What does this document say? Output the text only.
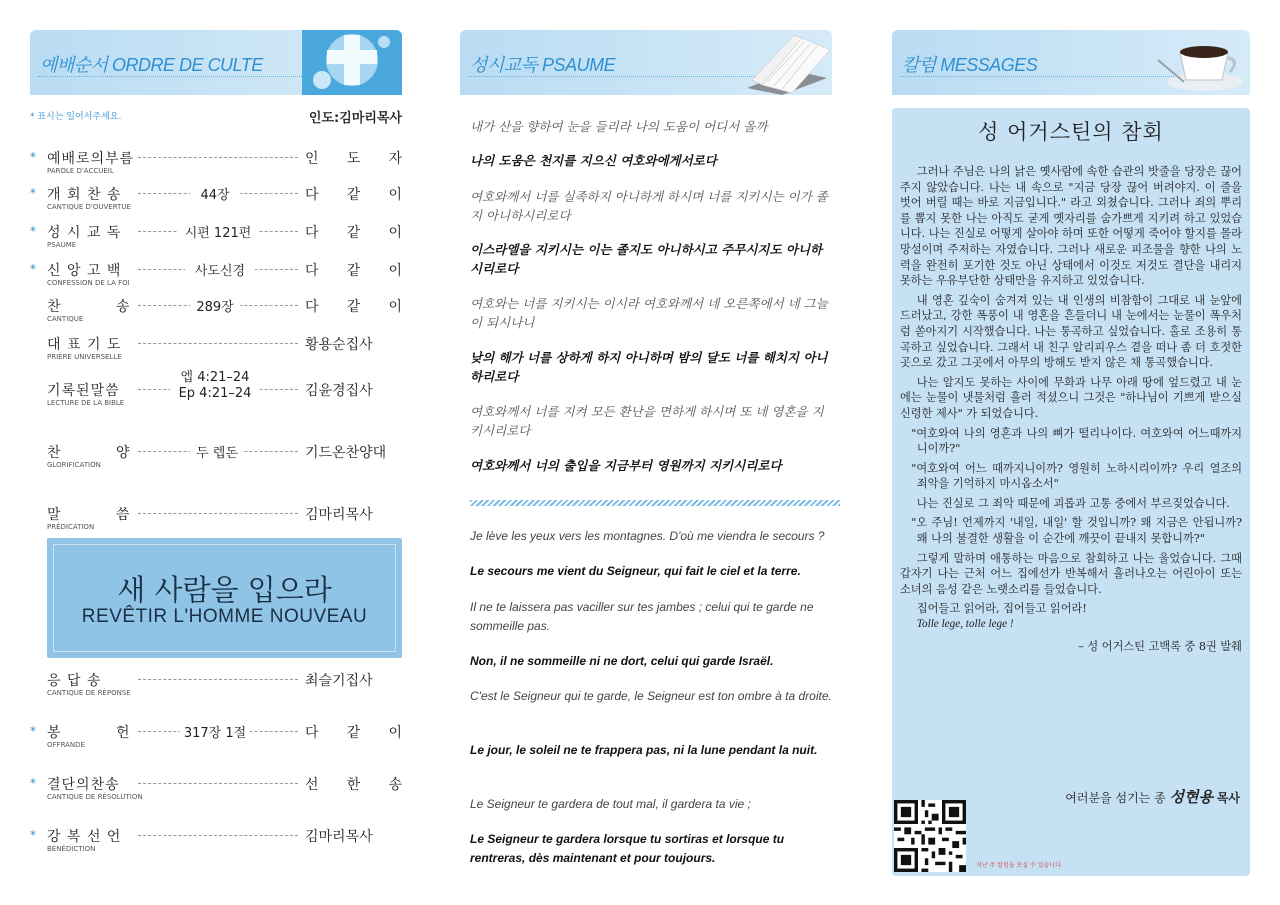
예배순서 ORDRE DE CULTE
* 표시는 일어서주세요.	인도:김마리목사
* 예배로의부름
PAROLE D'ACCUEIL
인 도 자
* 개 회 찬 송
CANTIQUE D'OUVERTUE
44장	다 같 이
* 성 시 교 독
PSAUME
시편 121편	다 같 이
* 신 앙 고 백
CONFESSION DE LA FOI
사도신경	다 같 이
찬          송
CANTIQUE
289장	다 같 이
대 표 기 도
PRIÈRE UNIVERSELLE
황용순집사
기록된말씀
LECTURE DE LA BIBLE
엡 4:21–24
Ep 4:21–24	김윤경집사
찬          양
GLORIFICATION
두 렙돈	기드온찬양대
말          씀
PRÉDICATION
김마리목사
새 사람을 입으라
REVÊTIR L'HOMME NOUVEAU
응 답 송
CANTIQUE DE RÉPONSE
최슬기집사
* 봉          헌
OFFRANDE
317장 1절	다 같 이
* 결단의찬송
CANTIQUE DE RÉSOLUTION
선 한 송
* 강 복 선 언
BÉNÉDICTION
김마리목사
성시교독 PSAUME

내가 산을 향하여 눈을 들리라 나의 도움이 어디서 올까

나의 도움은 천지를 지으신 여호와에게서로다

여호와께서 너를 실족하지 아니하게 하시며 너를 지키시는 이가 졸지 아니하시리로다

이스라엘을 지키시는 이는 졸지도 아니하시고 주무시지도 아니하시리로다

여호와는 너를 지키시는 이시라 여호와께서 네 오른쪽에서 네 그늘이 되시나니

낮의 해가 너를 상하게 하지 아니하며 밤의 달도 너를 해치지 아니하리로다

여호와께서 너를 지켜 모든 환난을 면하게 하시며 또 네 영혼을 지키시리로다

여호와께서 너의 출입을 지금부터 영원까지 지키시리로다

Je lève les yeux vers les montagnes. D'où me viendra le secours ?

Le secours me vient du Seigneur, qui fait le ciel et la terre.

Il ne te laissera pas vaciller sur tes jambes ; celui qui te garde ne sommeille pas.

Non, il ne sommeille ni ne dort, celui qui garde Israël.

C'est le Seigneur qui te garde, le Seigneur est ton ombre à ta droite.

Le jour, le soleil ne te frappera pas, ni la lune pendant la nuit.

Le Seigneur te gardera de tout mal, il gardera ta vie ;

Le Seigneur te gardera lorsque tu sortiras et lorsque tu rentreras, dès maintenant et pour toujours.

칼럼 MESSAGES
성 어거스틴의 참회

그러나 주님은 나의 낡은 옛사람에 속한 습관의 밧줄을 당장은 끊어주지 않았습니다. 나는 내 속으로 "지금 당장 끊어 버려야지. 이 줄을 벗어 버릴 때는 바로 지금입니다." 라고 외쳤습니다. 그러나 죄의 뿌리를 뽑지 못한 나는 아직도 굳게 옛자리를 숨가쁘게 지키려 하고 있었습니다. 나는 진실로 어떻게 살아야 하며 또한 어떻게 죽어야 할지를 몰라 망설이며 주저하는 자였습니다. 그러나 새로운 피조물을 향한 나의 노력을 완전히 포기한 것도 아닌 상태에서 이것도 저것도 결단을 내리지 못하는 우유부단한 상태만을 유지하고 있었습니다.

내 영혼 깊숙이 숨겨져 있는 내 인생의 비참함이 그대로 내 눈앞에 드러났고, 강한 폭풍이 내 영혼을 흔들더니 내 눈에서는 눈물이 폭우처럼 쏟아지기 시작했습니다. 나는 통곡하고 싶었습니다. 홀로 조용히 통곡하고 싶었습니다. 그래서 내 친구 알리피우스 곁을 떠나 좀 더 호젓한 곳으로 갔고 그곳에서 아무의 방해도 받지 않은 채 통곡했습니다.

나는 알지도 못하는 사이에 무화과 나무 아래 땅에 엎드렸고 내 눈에는 눈물이 냇물처럼 흘러 적셨으니 그것은 "하나님이 기쁘게 받으실 신령한 제사" 가 되었습니다.

"여호와여 나의 영혼과 나의 뼈가 떨리나이다. 여호와여 어느때까지니이까?"

"여호와여 어느 때까지니이까? 영원히 노하시리이까? 우리 열조의 죄악을 기억하지 마시옵소서"

나는 진실로 그 죄악 때문에 괴롭과 고통 중에서 부르짖었습니다.

"오 주님! 언제까지 '내일, 내일' 할 것입니까? 왜 지금은 안됩니까? 왜 나의 불결한 생활을 이 순간에 깨끗이 끝내지 못합니까?"

그렇게 말하며 애통하는 마음으로 참회하고 나는 울었습니다. 그때 갑자기 나는 근처 어느 집에선가 반복해서 흘러나오는 어린아이 또는 소녀의 음성 같은 노랫소리를 들었습니다.

집어들고 읽어라, 집어들고 읽어라!

Tolle lege, tolle lege !

– 성 어거스틴 고백록 중 8권 발췌

여러분을 섬기는 종 성현용 목사
지난 주 칼럼을 보실 수 있습니다.
